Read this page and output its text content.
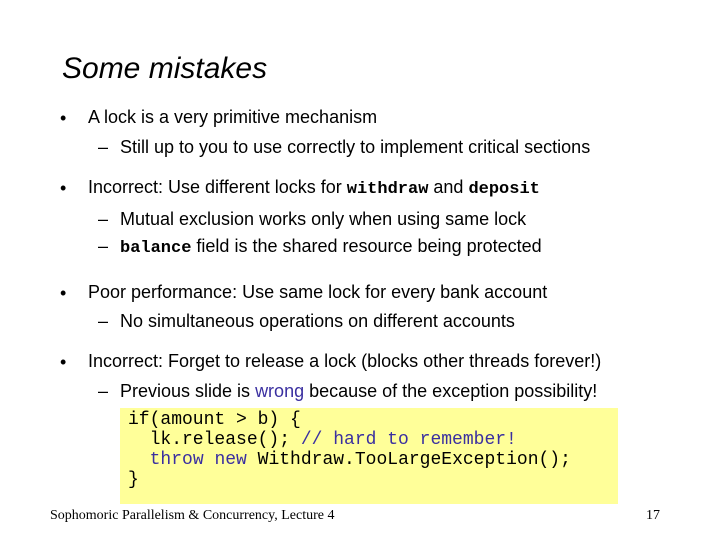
Some mistakes
• A lock is a very primitive mechanism
– Still up to you to use correctly to implement critical sections
• Incorrect: Use different locks for withdraw and deposit
– Mutual exclusion works only when using same lock
– balance field is the shared resource being protected
• Poor performance: Use same lock for every bank account
– No simultaneous operations on different accounts
• Incorrect: Forget to release a lock (blocks other threads forever!)
– Previous slide is wrong because of the exception possibility!
if(amount > b) {
lk.release(); // hard to remember!
throw new Withdraw.TooLargeException();
}
Sophomoric Parallelism & Concurrency, Lecture 4	17
